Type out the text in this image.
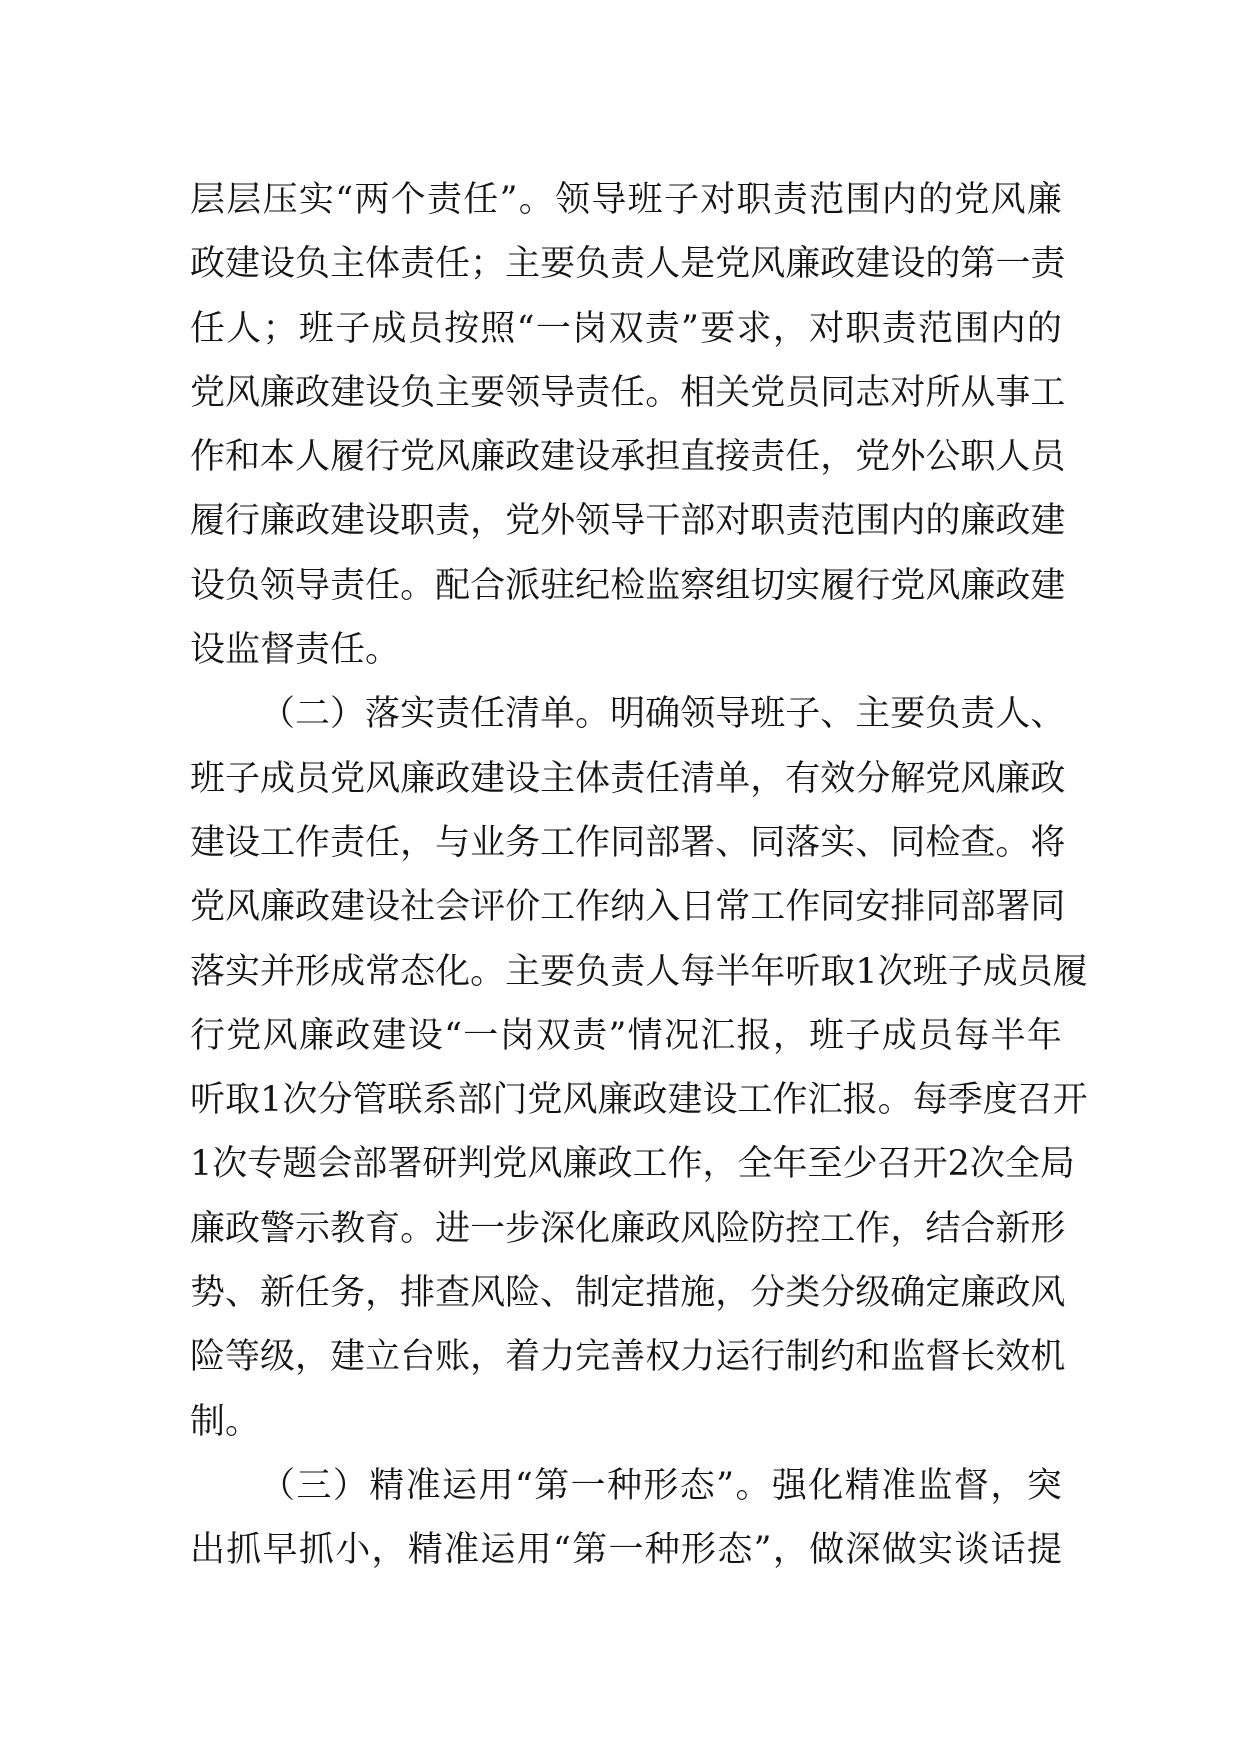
层 层 压 实 “ 两 个 责 任 ” 。 领 导 班 子 对 职 责 范 围 内 的 党 风 廉
政 建 设 负 主 体 责 任 ； 主 要 负 责 人 是 党 风 廉 政 建 设 的 第 一 责
任 人 ； 班 子 成 员 按 照 “ 一 岗 双 责 ” 要 求 ， 对 职 责 范 围 内 的
党 风 廉 政 建 设 负 主 要 领 导 责 任 。 相 关 党 员 同 志 对 所 从 事 工
作 和 本 人 履 行 党 风 廉 政 建 设 承 担 直 接 责 任 ， 党 外 公 职 人 员
履 行 廉 政 建 设 职 责 ， 党 外 领 导 干 部 对 职 责 范 围 内 的 廉 政 建
设 负 领 导 责 任 。 配 合 派 驻 纪 检 监 察 组 切 实 履 行 党 风 廉 政 建
设监督责任。
（ 二 ） 落 实 责 任 清 单 。 明 确 领 导 班 子 、 主 要 负 责 人 、
班 子 成 员 党 风 廉 政 建 设 主 体 责 任 清 单 ， 有 效 分 解 党 风 廉 政
建 设 工 作 责 任 ， 与 业 务 工 作 同 部 署 、 同 落 实 、 同 检 查 。 将
党 风 廉 政 建 设 社 会 评 价 工 作 纳 入 日 常 工 作 同 安 排 同 部 署 同
落 实 并 形 成 常 态 化 。 主 要 负 责 人 每 半 年 听 取 1 次 班 子 成 员 履
行 党 风 廉 政 建 设 “ 一 岗 双 责 ” 情 况 汇 报 ， 班 子 成 员 每 半 年
听 取 1 次 分 管 联 系 部 门 党 风 廉 政 建 设 工 作 汇 报 。 每 季 度 召 开
1 次 专 题 会 部 署 研 判 党 风 廉 政 工 作 ， 全 年 至 少 召 开 2 次 全 局
廉 政 警 示 教 育 。 进 一 步 深 化 廉 政 风 险 防 控 工 作 ， 结 合 新 形
势 、 新 任 务 ， 排 查 风 险 、 制 定 措 施 ， 分 类 分 级 确 定 廉 政 风
险 等 级 ， 建 立 台 账 ， 着 力 完 善 权 力 运 行 制 约 和 监 督 长 效 机
制。
（ 三 ） 精 准 运 用 “ 第 一 种 形 态 ” 。 强 化 精 准 监 督 ， 突
出 抓 早 抓 小 ， 精 准 运 用 “ 第 一 种 形 态 ” ， 做 深 做 实 谈 话 提
